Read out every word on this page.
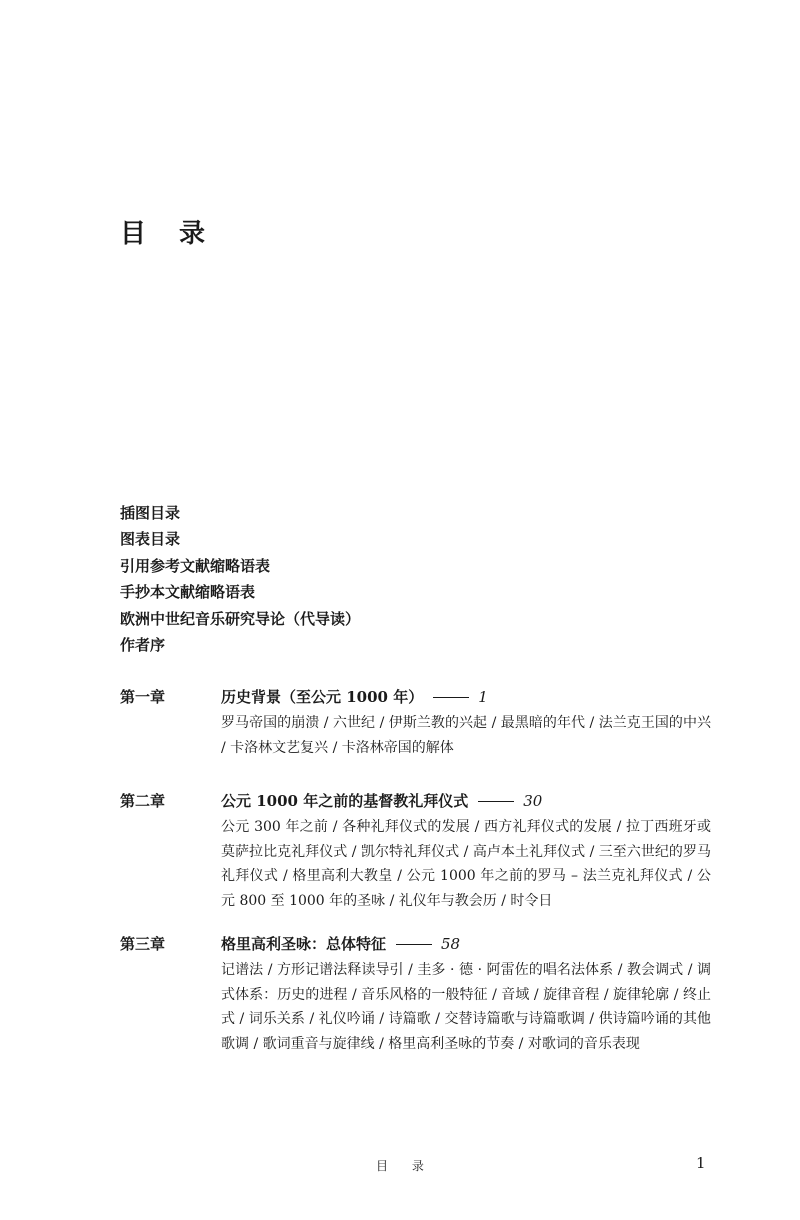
目 录
插图目录
图表目录
引用参考文献缩略语表
手抄本文献缩略语表
欧洲中世纪音乐研究导论（代导读）
作者序
第一章	历史背景（至公元 1000 年）	1
罗马帝国的崩溃 / 六世纪 / 伊斯兰教的兴起 / 最黑暗的年代 / 法兰克王国的中兴 / 卡洛林文艺复兴 / 卡洛林帝国的解体
第二章	公元 1000 年之前的基督教礼拜仪式	30
公元 300 年之前 / 各种礼拜仪式的发展 / 西方礼拜仪式的发展 / 拉丁西班牙或莫萨拉比克礼拜仪式 / 凯尔特礼拜仪式 / 高卢本土礼拜仪式 / 三至六世纪的罗马礼拜仪式 / 格里高利大教皇 / 公元 1000 年之前的罗马 – 法兰克礼拜仪式 / 公元 800 至 1000 年的圣咏 / 礼仪年与教会历 / 时令日
第三章	格里高利圣咏：总体特征	58
记谱法 / 方形记谱法释读导引 / 圭多 · 德 · 阿雷佐的唱名法体系 / 教会调式 / 调式体系：历史的进程 / 音乐风格的一般特征 / 音域 / 旋律音程 / 旋律轮廓 / 终止式 / 词乐关系 / 礼仪吟诵 / 诗篇歌 / 交替诗篇歌与诗篇歌调 / 供诗篇吟诵的其他歌调 / 歌词重音与旋律线 / 格里高利圣咏的节奏 / 对歌词的音乐表现
目 录	1
